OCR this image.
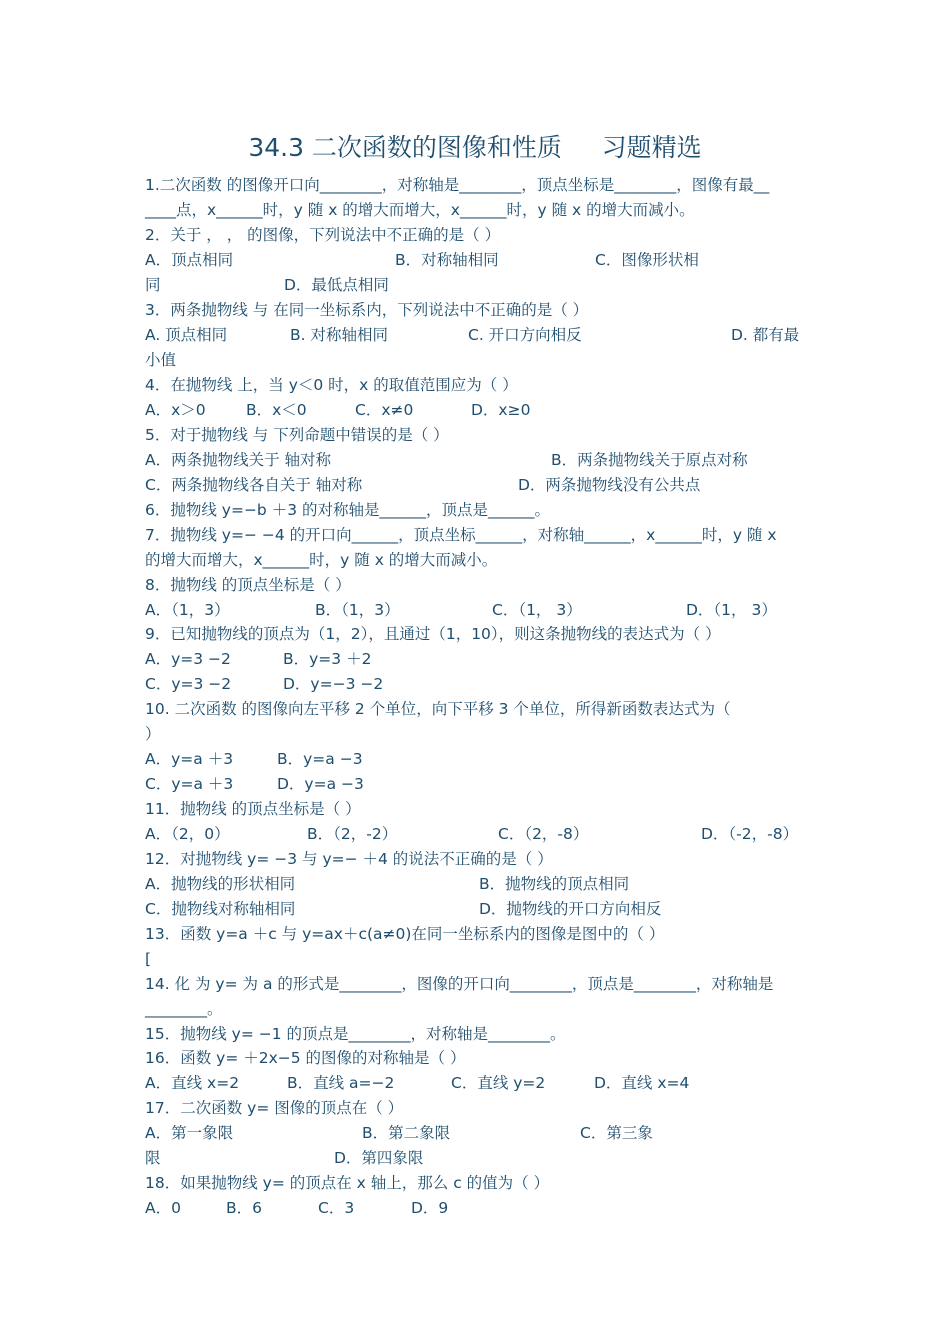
34.3 二次函数的图像和性质     习题精选
1.二次函数 的图像开口向________，对称轴是________，顶点坐标是________，图像有最__
____点，x______时，y 随 x 的增大而增大，x______时，y 随 x 的增大而减小。
2．关于 ， ， 的图像，下列说法中不正确的是（ ）
A．顶点相同	B．对称轴相同	C．图像形状相
同	D．最低点相同
3．两条抛物线 与 在同一坐标系内，下列说法中不正确的是（ ）
A. 顶点相同	B. 对称轴相同	C. 开口方向相反	D. 都有最
小值
4．在抛物线 上，当 y＜0 时，x 的取值范围应为（ ）
A．x＞0	B．x＜0	C．x≠0	D．x≥0
5．对于抛物线 与 下列命题中错误的是（ ）
A．两条抛物线关于 轴对称	B．两条抛物线关于原点对称
C．两条抛物线各自关于 轴对称	D．两条抛物线没有公共点
6．抛物线 y=−b ＋3 的对称轴是______，顶点是______。
7．抛物线 y=− −4 的开口向______，顶点坐标______，对称轴______，x______时，y 随 x
的增大而增大，x______时，y 随 x 的增大而减小。
8．抛物线 的顶点坐标是（ ）
A．（1，3）	B．（1，3）	C．（1， 3）	D．（1， 3）
9．已知抛物线的顶点为（1，2），且通过（1，10），则这条抛物线的表达式为（ ）
A．y=3 −2	B．y=3 ＋2
C．y=3 −2	D．y=−3 −2
10. 二次函数 的图像向左平移 2 个单位，向下平移 3 个单位，所得新函数表达式为（
）
A．y=a ＋3	B．y=a −3
C．y=a ＋3	D．y=a −3
11．抛物线 的顶点坐标是（ ）
A．（2，0）	B．（2，-2）	C．（2，-8）	D．（-2，-8）
12．对抛物线 y= −3 与 y=− ＋4 的说法不正确的是（ ）
A．抛物线的形状相同	B．抛物线的顶点相同
C．抛物线对称轴相同	D．抛物线的开口方向相反
13．函数 y=a ＋c 与 y=ax＋c(a≠0)在同一坐标系内的图像是图中的（ ）
[
14. 化 为 y= 为 a 的形式是________，图像的开口向________，顶点是________，对称轴是
________。
15．抛物线 y= −1 的顶点是________，对称轴是________。
16．函数 y= ＋2x−5 的图像的对称轴是（ ）
A．直线 x=2	B．直线 a=−2	C．直线 y=2	D．直线 x=4
17．二次函数 y= 图像的顶点在（ ）
A．第一象限	B．第二象限	C．第三象
限	D．第四象限
18．如果抛物线 y= 的顶点在 x 轴上，那么 c 的值为（ ）
A．0	B．6	C．3	D．9
